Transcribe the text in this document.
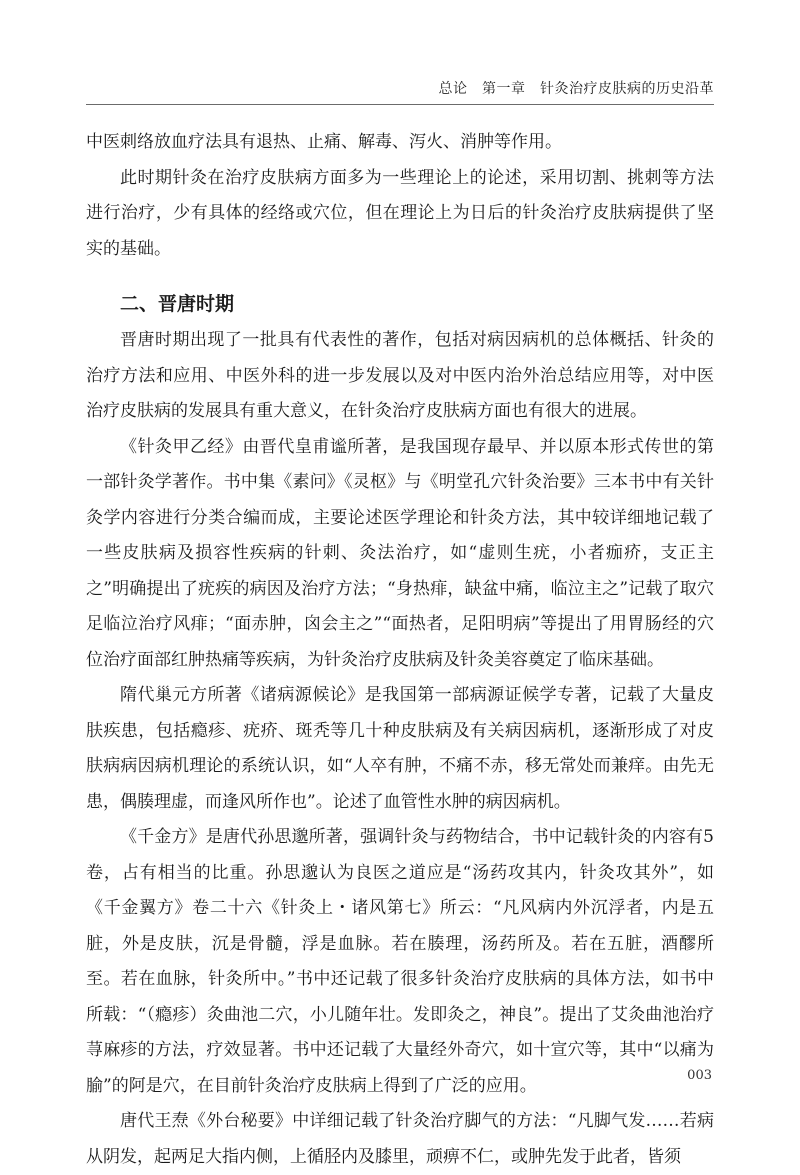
总论　第一章　针灸治疗皮肤病的历史沿革

中医刺络放血疗法具有退热、止痛、解毒、泻火、消肿等作用。

此时期针灸在治疗皮肤病方面多为一些理论上的论述，采用切割、挑刺等方法进行治疗，少有具体的经络或穴位，但在理论上为日后的针灸治疗皮肤病提供了坚实的基础。

二、晋唐时期

晋唐时期出现了一批具有代表性的著作，包括对病因病机的总体概括、针灸的治疗方法和应用、中医外科的进一步发展以及对中医内治外治总结应用等，对中医治疗皮肤病的发展具有重大意义，在针灸治疗皮肤病方面也有很大的进展。

《针灸甲乙经》由晋代皇甫谧所著，是我国现存最早、并以原本形式传世的第一部针灸学著作。书中集《素问》《灵枢》与《明堂孔穴针灸治要》三本书中有关针灸学内容进行分类合编而成，主要论述医学理论和针灸方法，其中较详细地记载了一些皮肤病及损容性疾病的针刺、灸法治疗，如“虚则生疣，小者痂疥，支正主之”明确提出了疣疾的病因及治疗方法；“身热痱，缺盆中痛，临泣主之”记载了取穴足临泣治疗风痱；“面赤肿，囟会主之”“面热者，足阳明病”等提出了用胃肠经的穴位治疗面部红肿热痛等疾病，为针灸治疗皮肤病及针灸美容奠定了临床基础。

隋代巢元方所著《诸病源候论》是我国第一部病源证候学专著，记载了大量皮肤疾患，包括瘾疹、疣疥、斑秃等几十种皮肤病及有关病因病机，逐渐形成了对皮肤病病因病机理论的系统认识，如“人卒有肿，不痛不赤，移无常处而兼痒。由先无患，偶腠理虚，而逢风所作也”。论述了血管性水肿的病因病机。

《千金方》是唐代孙思邈所著，强调针灸与药物结合，书中记载针灸的内容有5卷，占有相当的比重。孙思邈认为良医之道应是“汤药攻其内，针灸攻其外”，如《千金翼方》卷二十六《针灸上・诸风第七》所云：“凡风病内外沉浮者，内是五脏，外是皮肤，沉是骨髓，浮是血脉。若在腠理，汤药所及。若在五脏，酒醪所至。若在血脉，针灸所中。”书中还记载了很多针灸治疗皮肤病的具体方法，如书中所载：“（瘾疹）灸曲池二穴，小儿随年壮。发即灸之，神良”。提出了艾灸曲池治疗荨麻疹的方法，疗效显著。书中还记载了大量经外奇穴，如十宣穴等，其中“以痛为腧”的阿是穴，在目前针灸治疗皮肤病上得到了广泛的应用。

唐代王焘《外台秘要》中详细记载了针灸治疗脚气的方法：“凡脚气发……若病从阴发，起两足大指内侧，上循胫内及膝里，顽痹不仁，或肿先发于此者，皆须

003
